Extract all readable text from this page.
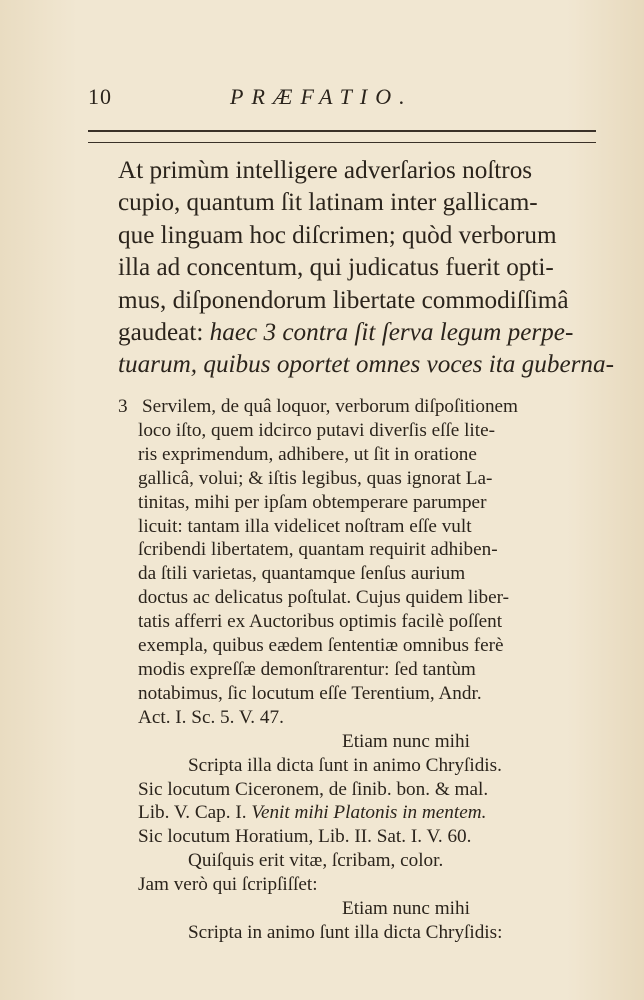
10	PRÆFATIO.
At primùm intelligere adverſarios noſtros
cupio, quantum ſit latinam inter gallicam-
que linguam hoc diſcrimen; quòd verborum
illa ad concentum, qui judicatus fuerit opti-
mus, diſponendorum libertate commodiſſimâ
gaudeat: haec 3 contra ſit ſerva legum perpe-
tuarum, quibus oportet omnes voces ita guberna-
3 Servilem, de quâ loquor, verborum diſpoſitionem
loco iſto, quem idcirco putavi diverſis eſſe lite-
ris exprimendum, adhibere, ut ſit in oratione
gallicâ, volui; & iſtis legibus, quas ignorat La-
tinitas, mihi per ipſam obtemperare parumper
licuit: tantam illa videlicet noſtram eſſe vult
ſcribendi libertatem, quantam requirit adhiben-
da ſtili varietas, quantamque ſenſus aurium
doctus ac delicatus poſtulat. Cujus quidem liber-
tatis afferri ex Auctoribus optimis facilè poſſent
exempla, quibus eædem ſententiæ omnibus ferè
modis expreſſæ demonſtrarentur: ſed tantùm
notabimus, ſic locutum eſſe Terentium, Andr.
Act. I. Sc. 5. V. 47.
Etiam nunc mihi
Scripta illa dicta ſunt in animo Chryſidis.
Sic locutum Ciceronem, de ſinib. bon. & mal.
Lib. V. Cap. I. Venit mihi Platonis in mentem.
Sic locutum Horatium, Lib. II. Sat. I. V. 60.
Quiſquis erit vitæ, ſcribam, color.
Jam verò qui ſcripſiſſet:
Etiam nunc mihi
Scripta in animo ſunt illa dicta Chryſidis:
